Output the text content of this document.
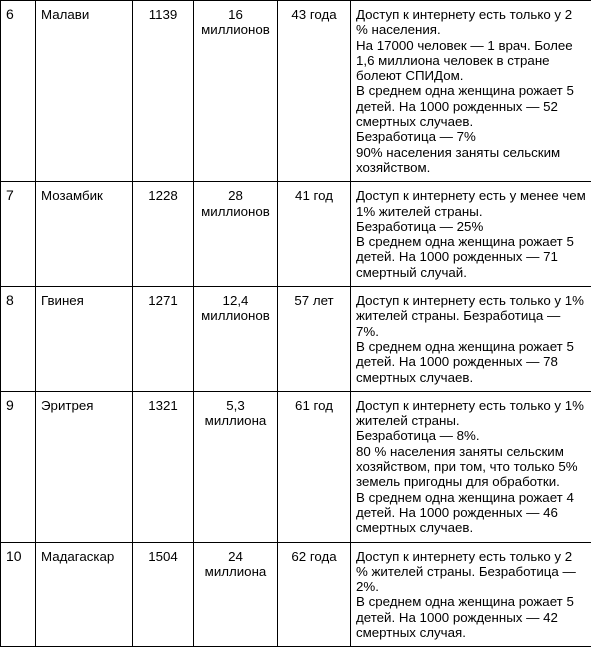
6	Малави	1139	16 миллионов	43 года	Доступ к интернету есть только у 2 % населения.
На 17000 человек — 1 врач. Более 1,6 миллиона человек в стране болеют СПИДом.
В среднем одна женщина рожает 5 детей. На 1000 рожденных — 52 смертных случаев.
Безработица — 7%
90% населения заняты сельским хозяйством.

7	Мозамбик	1228	28 миллионов	41 год	Доступ к интернету есть у менее чем 1% жителей страны.
Безработица — 25%
В среднем одна женщина рожает 5 детей. На 1000 рожденных — 71 смертный случай.

8	Гвинея	1271	12,4 миллионов	57 лет	Доступ к интернету есть только у 1% жителей страны. Безработица — 7%.
В среднем одна женщина рожает 5 детей. На 1000 рожденных — 78 смертных случаев.

9	Эритрея	1321	5,3 миллиона	61 год	Доступ к интернету есть только у 1% жителей страны.
Безработица — 8%.
80 % населения заняты сельским хозяйством, при том, что только 5% земель пригодны для обработки.
В среднем одна женщина рожает 4 детей. На 1000 рожденных — 46 смертных случаев.

10	Мадагаскар	1504	24 миллиона	62 года	Доступ к интернету есть только у 2 % жителей страны. Безработица — 2%.
В среднем одна женщина рожает 5 детей. На 1000 рожденных — 42 смертных случая.
